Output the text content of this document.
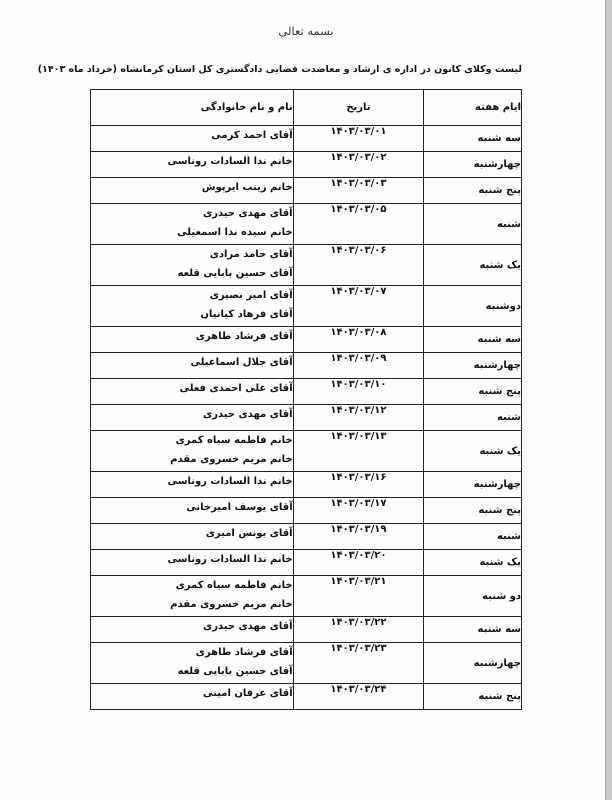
بسمه تعالی
لیست وکلای کانون در اداره ی ارشاد و معاضدت قضایی دادگستری کل استان کرمانشاه (خرداد ماه ۱۴۰۳)
ایام هفته	تاریخ	نام و نام خانوادگی
سه شنبه	۱۴۰۳/۰۳/۰۱	آقای احمد کرمی

چهارشنبه	۱۴۰۳/۰۳/۰۲	خانم ندا السادات روناسی

پنج شنبه	۱۴۰۳/۰۳/۰۳	خانم زینب ایرپوش

شنبه	۱۴۰۳/۰۳/۰۵	آقای مهدی حیدری
خانم سیده ندا اسمعیلی

یک شنبه	۱۴۰۳/۰۳/۰۶	آقای حامد مرادی
آقای حسین بابایی قلعه

دوشنبه	۱۴۰۳/۰۳/۰۷	آقای امیر بصیری
آقای فرهاد کیانیان

سه شنبه	۱۴۰۳/۰۳/۰۸	آقای فرشاد طاهری

چهارشنبه	۱۴۰۳/۰۳/۰۹	آقای جلال اسماعیلی

پنج شنبه	۱۴۰۳/۰۳/۱۰	آقای علی احمدی فعلی

شنبه	۱۴۰۳/۰۳/۱۲	آقای مهدی حیدری

یک شنبه	۱۴۰۳/۰۳/۱۳	خانم فاطمه سیاه کمری
خانم مریم خسروی مقدم

چهارشنبه	۱۴۰۳/۰۳/۱۶	خانم ندا السادات روناسی

پنج شنبه	۱۴۰۳/۰۳/۱۷	آقای یوسف امیرخانی

شنبه	۱۴۰۳/۰۳/۱۹	آقای یونس امیری

یک شنبه	۱۴۰۳/۰۳/۲۰	خانم ندا السادات روناسی

دو شنبه	۱۴۰۳/۰۳/۲۱	خانم فاطمه سیاه کمری
خانم مریم خسروی مقدم

سه شنبه	۱۴۰۳/۰۳/۲۲	آقای مهدی حیدری

چهارشنبه	۱۴۰۳/۰۳/۲۳	آقای فرشاد طاهری
آقای حسین بابایی قلعه

پنج شنبه	۱۴۰۳/۰۳/۲۴	آقای عرفان امینی
